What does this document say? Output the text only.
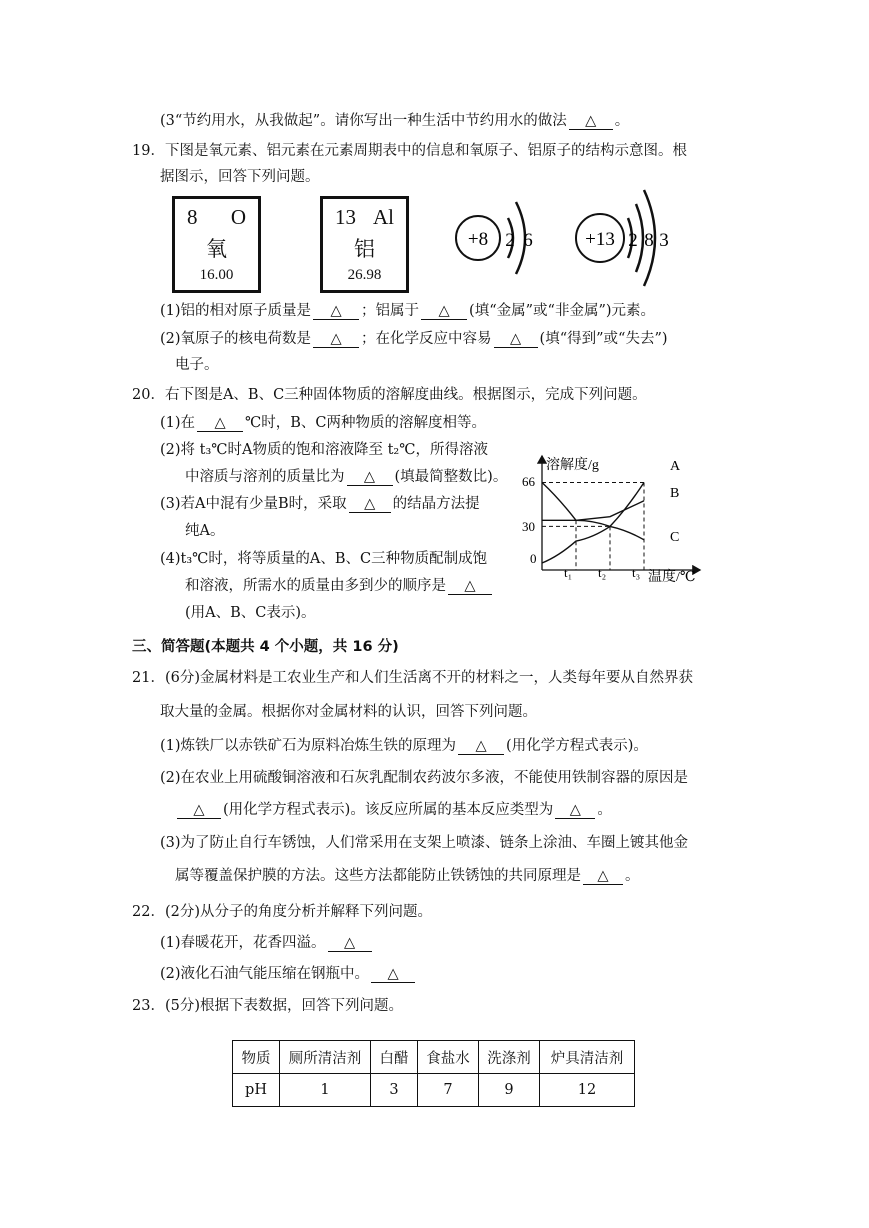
(3“节约用水，从我做起”。请你写出一种生活中节约用水的做法 △ 。
19．下图是氧元素、铝元素在元素周期表中的信息和氧原子、铝原子的结构示意图。根
据图示，回答下列问题。
8 O
氧
16.00
13 Al
铝
26.98
+8 2 6	+13 2 8 3
(1)铝的相对原子质量是 △ ；铝属于 △ (填“金属”或“非金属”)元素。
(2)氧原子的核电荷数是 △ ；在化学反应中容易 △ (填“得到”或“失去”)
电子。
20．右下图是A、B、C三种固体物质的溶解度曲线。根据图示，完成下列问题。
(1)在 △ ℃时，B、C两种物质的溶解度相等。
(2)将 t₃℃时A物质的饱和溶液降至 t₂℃，所得溶液
中溶质与溶剂的质量比为 △ (填最简整数比)。
(3)若A中混有少量B时，采取 △ 的结晶方法提
纯A。
(4)t₃℃时，将等质量的A、B、C三种物质配制成饱
和溶液，所需水的质量由多到少的顺序是 △
(用A、B、C表示)。
溶解度/g
温度/℃
66
30
0
t₁ t₂ t₃
A
B
C
三、简答题(本题共 4 个小题，共 16 分)
21．(6分)金属材料是工农业生产和人们生活离不开的材料之一，人类每年要从自然界获
取大量的金属。根据你对金属材料的认识，回答下列问题。
(1)炼铁厂以赤铁矿石为原料冶炼生铁的原理为 △ (用化学方程式表示)。
(2)在农业上用硫酸铜溶液和石灰乳配制农药波尔多液，不能使用铁制容器的原因是
△ (用化学方程式表示)。该反应所属的基本反应类型为 △ 。
(3)为了防止自行车锈蚀，人们常采用在支架上喷漆、链条上涂油、车圈上镀其他金
属等覆盖保护膜的方法。这些方法都能防止铁锈蚀的共同原理是 △ 。
22．(2分)从分子的角度分析并解释下列问题。
(1)春暖花开，花香四溢。 △
(2)液化石油气能压缩在钢瓶中。 △
23．(5分)根据下表数据，回答下列问题。
物质	厕所清洁剂	白醋	食盐水	洗涤剂	炉具清洁剂
pH	1	3	7	9	12
